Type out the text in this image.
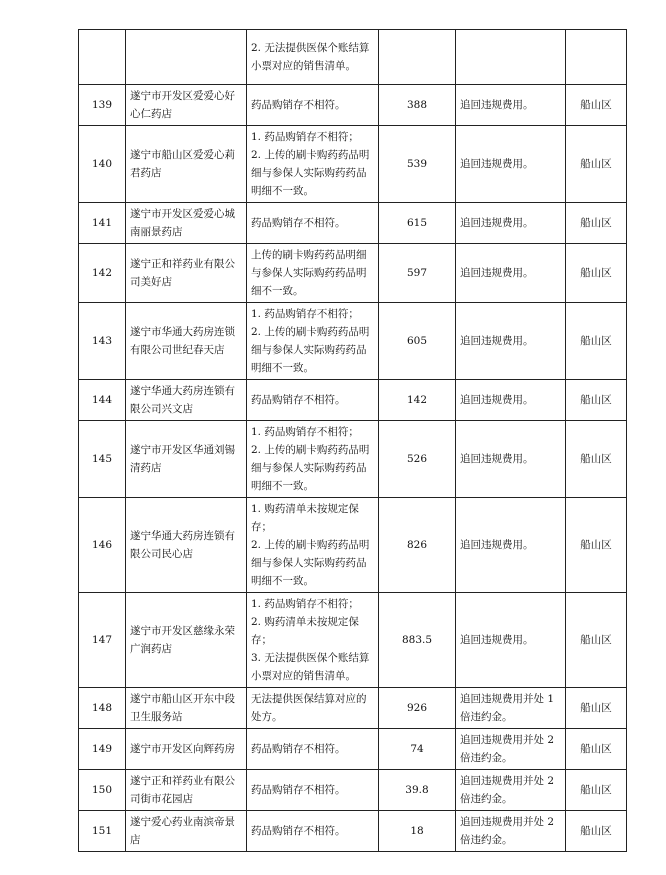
		2. 无法提供医保个账结算小票对应的销售清单。			

139	遂宁市开发区爱爱心好心仁药店	药品购销存不相符。	388	追回违规费用。	船山区
140	遂宁市船山区爱爱心莉君药店	1. 药品购销存不相符；
2. 上传的刷卡购药药品明细与参保人实际购药药品明细不一致。	539	追回违规费用。	船山区
141	遂宁市开发区爱爱心城南丽景药店	药品购销存不相符。	615	追回违规费用。	船山区
142	遂宁正和祥药业有限公司美好店	上传的刷卡购药药品明细与参保人实际购药药品明细不一致。	597	追回违规费用。	船山区
143	遂宁市华通大药房连锁有限公司世纪春天店	1. 药品购销存不相符；
2. 上传的刷卡购药药品明细与参保人实际购药药品明细不一致。	605	追回违规费用。	船山区
144	遂宁华通大药房连锁有限公司兴文店	药品购销存不相符。	142	追回违规费用。	船山区
145	遂宁市开发区华通刘锡清药店	1. 药品购销存不相符；
2. 上传的刷卡购药药品明细与参保人实际购药药品明细不一致。	526	追回违规费用。	船山区
146	遂宁华通大药房连锁有限公司民心店	1. 购药清单未按规定保存；
2. 上传的刷卡购药药品明细与参保人实际购药药品明细不一致。	826	追回违规费用。	船山区
147	遂宁市开发区慈缘永荣广润药店	1. 药品购销存不相符；
2. 购药清单未按规定保存；
3. 无法提供医保个账结算小票对应的销售清单。	883.5	追回违规费用。	船山区
148	遂宁市船山区开东中段卫生服务站	无法提供医保结算对应的处方。	926	追回违规费用并处 1 倍违约金。	船山区
149	遂宁市开发区向辉药房	药品购销存不相符。	74	追回违规费用并处 2 倍违约金。	船山区
150	遂宁正和祥药业有限公司街市花园店	药品购销存不相符。	39.8	追回违规费用并处 2 倍违约金。	船山区
151	遂宁爱心药业南滨帝景店	药品购销存不相符。	18	追回违规费用并处 2 倍违约金。	船山区
